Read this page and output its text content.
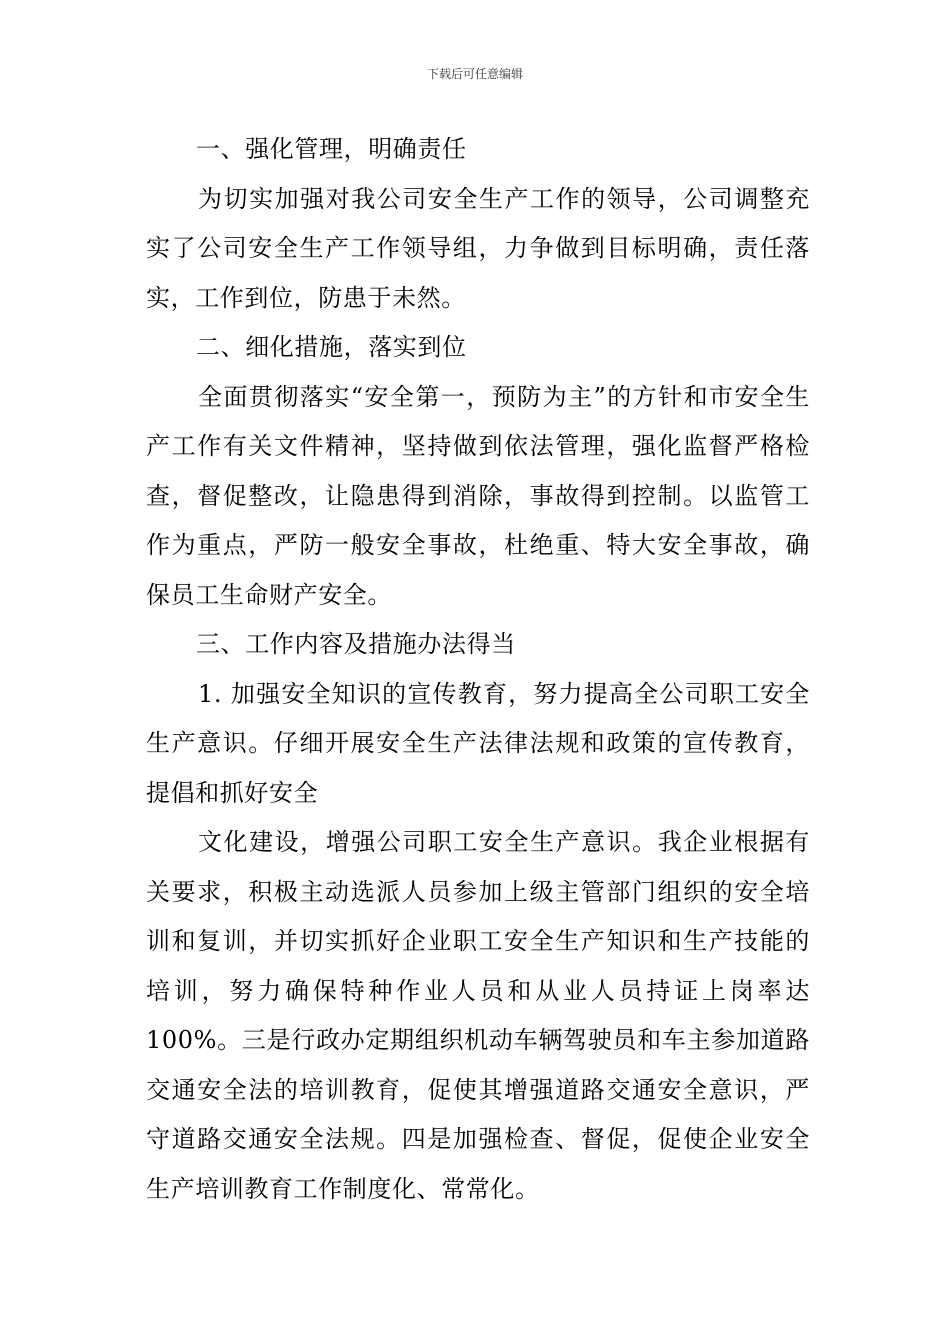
下载后可任意编辑

一、强化管理，明确责任

为切实加强对我公司安全生产工作的领导，公司调整充实了公司安全生产工作领导组，力争做到目标明确，责任落实，工作到位，防患于未然。

二、细化措施，落实到位

全面贯彻落实“安全第一，预防为主”的方针和市安全生产工作有关文件精神，坚持做到依法管理，强化监督严格检查，督促整改，让隐患得到消除，事故得到控制。以监管工作为重点，严防一般安全事故，杜绝重、特大安全事故，确保员工生命财产安全。

三、工作内容及措施办法得当

1. 加强安全知识的宣传教育，努力提高全公司职工安全生产意识。仔细开展安全生产法律法规和政策的宣传教育，提倡和抓好安全

文化建设，增强公司职工安全生产意识。我企业根据有关要求，积极主动选派人员参加上级主管部门组织的安全培训和复训，并切实抓好企业职工安全生产知识和生产技能的培训，努力确保特种作业人员和从业人员持证上岗率达 100%。三是行政办定期组织机动车辆驾驶员和车主参加道路交通安全法的培训教育，促使其增强道路交通安全意识，严守道路交通安全法规。四是加强检查、督促，促使企业安全生产培训教育工作制度化、常常化。
